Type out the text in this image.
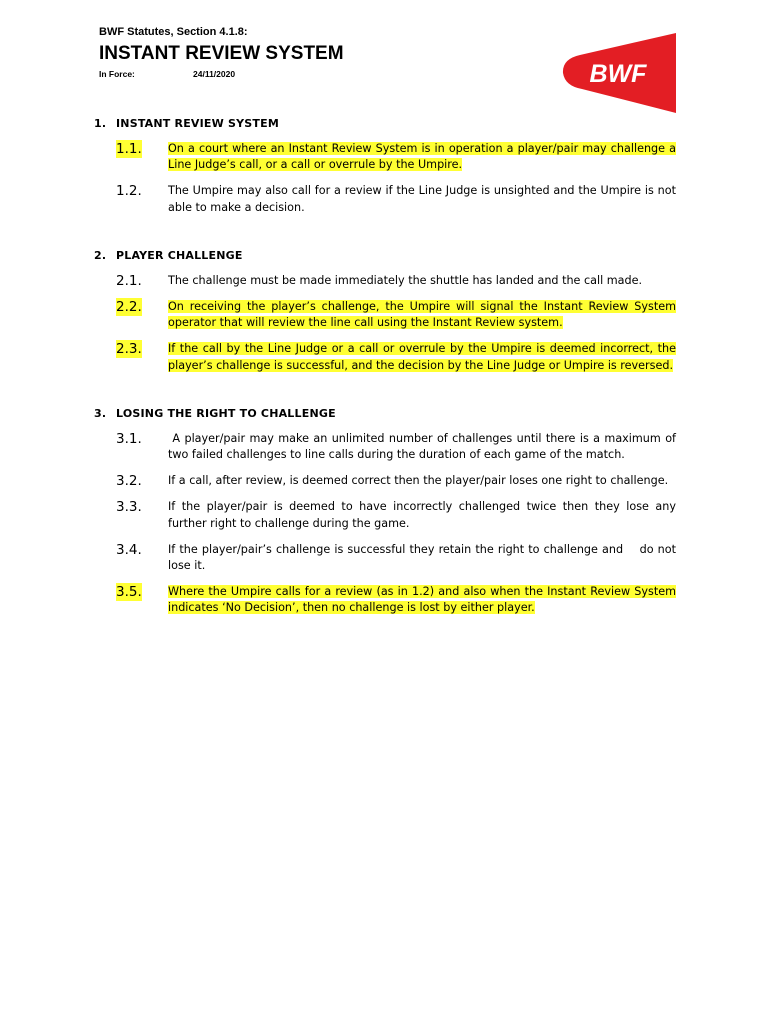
BWF Statutes, Section 4.1.8:
INSTANT REVIEW SYSTEM
In Force:	24/11/2020	BWF
1. INSTANT REVIEW SYSTEM
1.1. On a court where an Instant Review System is in operation a player/pair may challenge a Line Judge’s call, or a call or overrule by the Umpire.
1.2. The Umpire may also call for a review if the Line Judge is unsighted and the Umpire is not able to make a decision.
2. PLAYER CHALLENGE
2.1. The challenge must be made immediately the shuttle has landed and the call made.
2.2. On receiving the player’s challenge, the Umpire will signal the Instant Review System operator that will review the line call using the Instant Review system.
2.3. If the call by the Line Judge or a call or overrule by the Umpire is deemed incorrect, the player’s challenge is successful, and the decision by the Line Judge or Umpire is reversed.
3. LOSING THE RIGHT TO CHALLENGE
3.1. A player/pair may make an unlimited number of challenges until there is a maximum of two failed challenges to line calls during the duration of each game of the match.
3.2. If a call, after review, is deemed correct then the player/pair loses one right to challenge.
3.3. If the player/pair is deemed to have incorrectly challenged twice then they lose any further right to challenge during the game.
3.4. If the player/pair’s challenge is successful they retain the right to challenge and    do not lose it.
3.5. Where the Umpire calls for a review (as in 1.2) and also when the Instant Review System indicates ‘No Decision’, then no challenge is lost by either player.
